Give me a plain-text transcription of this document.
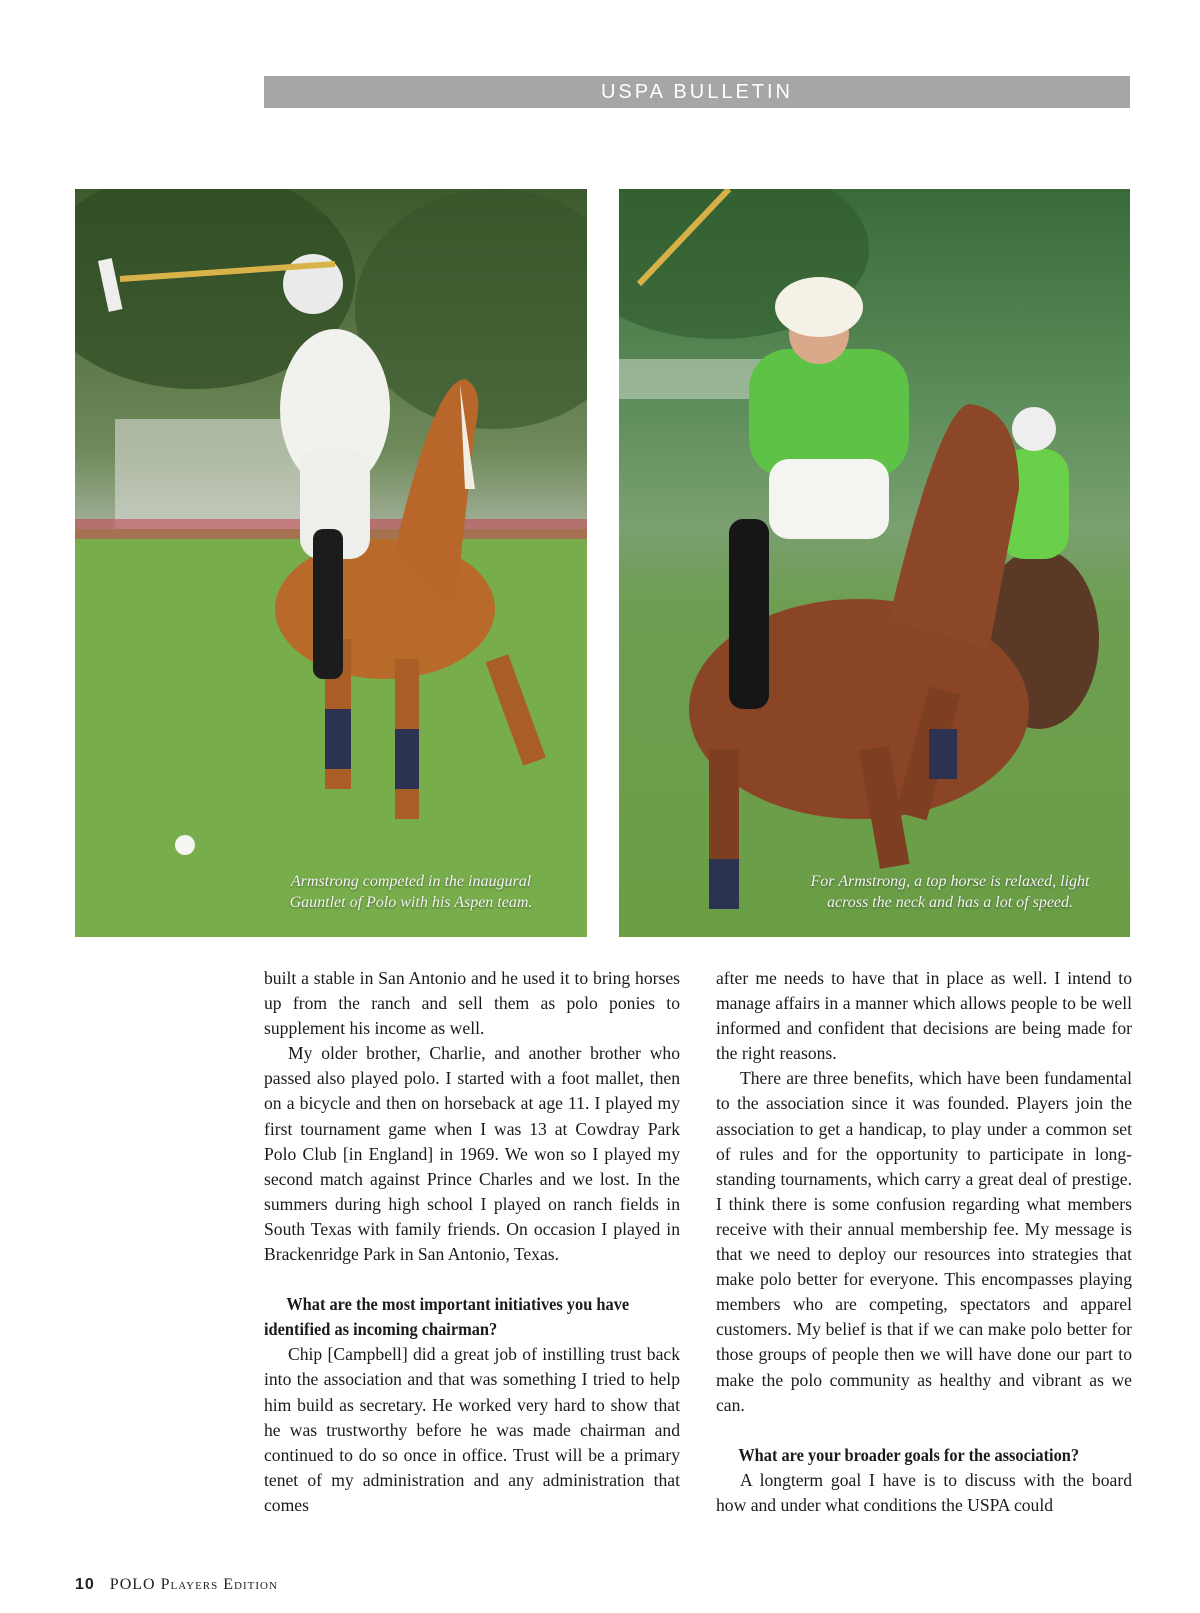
USPA BULLETIN
Armstrong competed in the inaugural
Gauntlet of Polo with his Aspen team.
For Armstrong, a top horse is relaxed, light
across the neck and has a lot of speed.

built a stable in San Antonio and he used it to bring horses up from the ranch and sell them as polo ponies to supplement his income as well.

My older brother, Charlie, and another brother who passed also played polo. I started with a foot mallet, then on a bicycle and then on horseback at age 11. I played my first tournament game when I was 13 at Cowdray Park Polo Club [in England] in 1969. We won so I played my second match against Prince Charles and we lost. In the summers during high school I played on ranch fields in South Texas with family friends. On occasion I played in Brackenridge Park in San Antonio, Texas.

What are the most important initiatives you have identified as incoming chairman?

Chip [Campbell] did a great job of instilling trust back into the association and that was something I tried to help him build as secretary. He worked very hard to show that he was trustworthy before he was made chairman and continued to do so once in office. Trust will be a primary tenet of my administration and any administration that comes

after me needs to have that in place as well. I intend to manage affairs in a manner which allows people to be well informed and confident that decisions are being made for the right reasons.

There are three benefits, which have been fundamental to the association since it was founded. Players join the association to get a handicap, to play under a common set of rules and for the opportunity to participate in long-standing tournaments, which carry a great deal of prestige. I think there is some confusion regarding what members receive with their annual membership fee. My message is that we need to deploy our resources into strategies that make polo better for everyone. This encompasses playing members who are competing, spectators and apparel customers. My belief is that if we can make polo better for those groups of people then we will have done our part to make the polo community as healthy and vibrant as we can.

What are your broader goals for the association?

A longterm goal I have is to discuss with the board how and under what conditions the USPA could

10 POLO Players Edition
